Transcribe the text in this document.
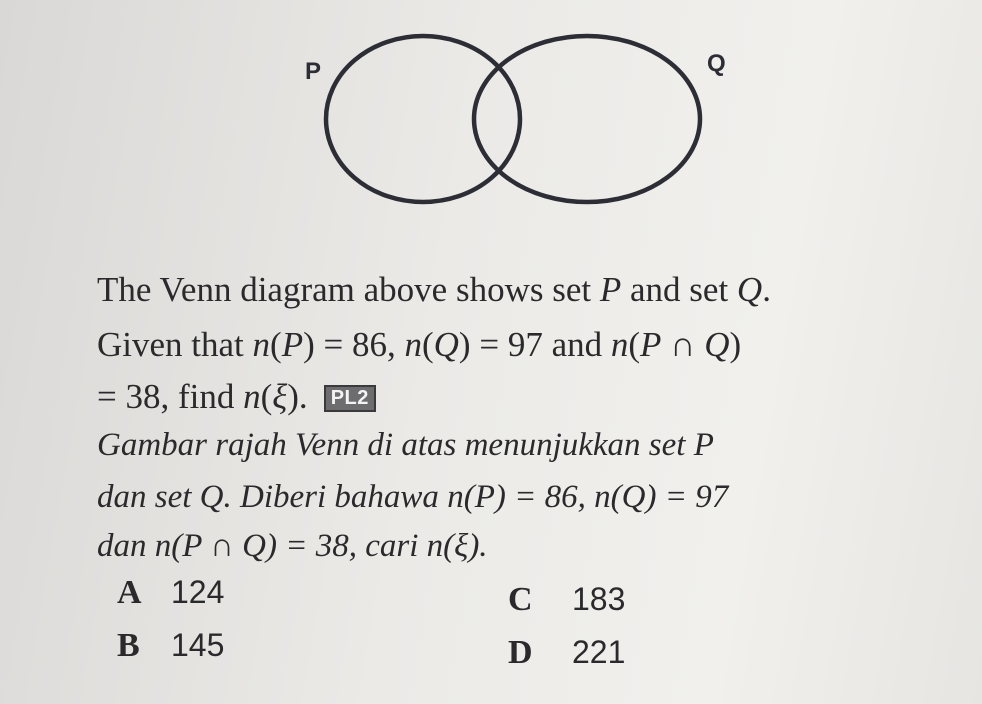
P	Q
The Venn diagram above shows set P and set Q.
Given that n(P) = 86, n(Q) = 97 and n(P ∩ Q)
= 38, find n(ξ). PL2
Gambar rajah Venn di atas menunjukkan set P
dan set Q. Diberi bahawa n(P) = 86, n(Q) = 97
dan n(P ∩ Q) = 38, cari n(ξ).
A 124
B 145
C 183
D 221
